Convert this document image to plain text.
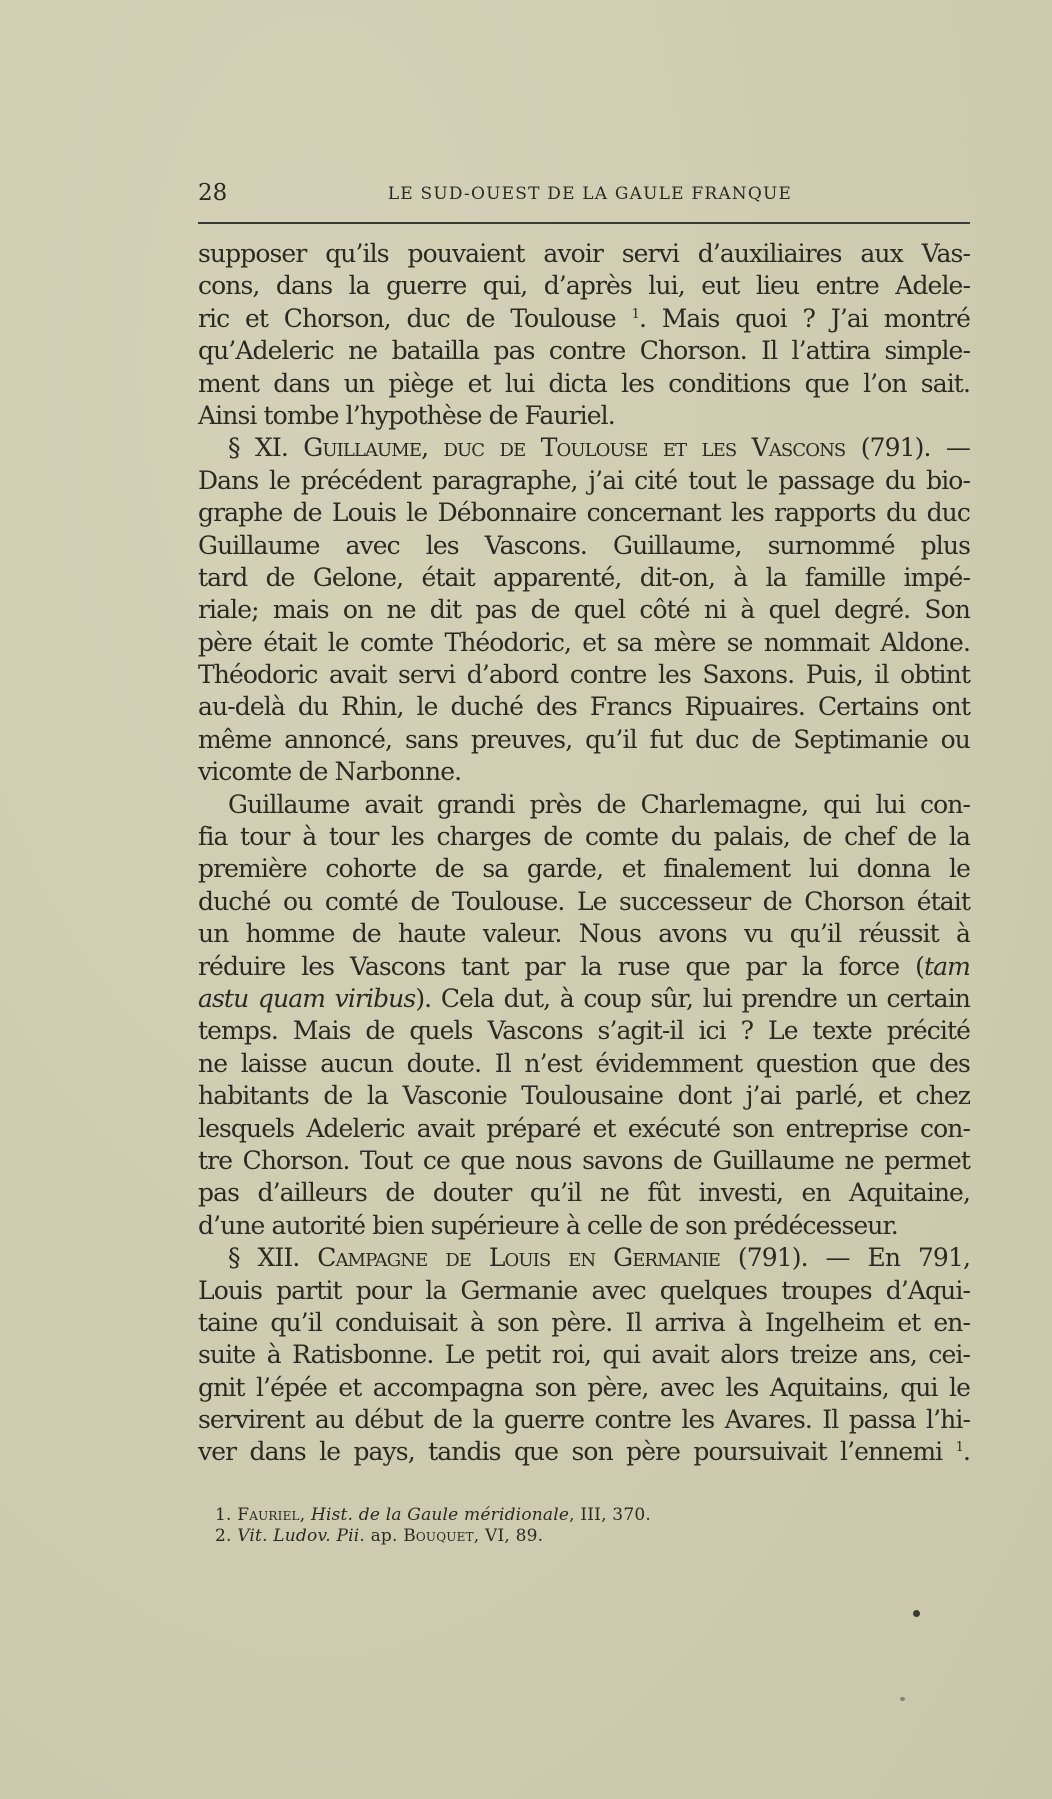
28	LE SUD-OUEST DE LA GAULE FRANQUE
supposer qu’ils pouvaient avoir servi d’auxiliaires aux Vas-
cons, dans la guerre qui, d’après lui, eut lieu entre Adele-
ric et Chorson, duc de Toulouse $^1$. Mais quoi ? J’ai montré
qu’Adeleric ne batailla pas contre Chorson. Il l’attira simple-
ment dans un piège et lui dicta les conditions que l’on sait.
Ainsi tombe l’hypothèse de Fauriel.
§ XI. Guillaume, duc de Toulouse et les Vascons (791). —
Dans le précédent paragraphe, j’ai cité tout le passage du bio-
graphe de Louis le Débonnaire concernant les rapports du duc
Guillaume avec les Vascons. Guillaume, surnommé plus
tard de Gelone, était apparenté, dit-on, à la famille impé-
riale; mais on ne dit pas de quel côté ni à quel degré. Son
père était le comte Théodoric, et sa mère se nommait Aldone.
Théodoric avait servi d’abord contre les Saxons. Puis, il obtint
au-delà du Rhin, le duché des Francs Ripuaires. Certains ont
même annoncé, sans preuves, qu’il fut duc de Septimanie ou
vicomte de Narbonne.
Guillaume avait grandi près de Charlemagne, qui lui con-
fia tour à tour les charges de comte du palais, de chef de la
première cohorte de sa garde, et finalement lui donna le
duché ou comté de Toulouse. Le successeur de Chorson était
un homme de haute valeur. Nous avons vu qu’il réussit à
réduire les Vascons tant par la ruse que par la force (tam
astu quam viribus). Cela dut, à coup sûr, lui prendre un certain
temps. Mais de quels Vascons s’agit-il ici ? Le texte précité
ne laisse aucun doute. Il n’est évidemment question que des
habitants de la Vasconie Toulousaine dont j’ai parlé, et chez
lesquels Adeleric avait préparé et exécuté son entreprise con-
tre Chorson. Tout ce que nous savons de Guillaume ne permet
pas d’ailleurs de douter qu’il ne fût investi, en Aquitaine,
d’une autorité bien supérieure à celle de son prédécesseur.
§ XII. Campagne de Louis en Germanie (791). — En 791,
Louis partit pour la Germanie avec quelques troupes d’Aqui-
taine qu’il conduisait à son père. Il arriva à Ingelheim et en-
suite à Ratisbonne. Le petit roi, qui avait alors treize ans, cei-
gnit l’épée et accompagna son père, avec les Aquitains, qui le
servirent au début de la guerre contre les Avares. Il passa l’hi-
ver dans le pays, tandis que son père poursuivait l’ennemi $^1$.
1. Fauriel, Hist. de la Gaule méridionale, III, 370.
2. Vit. Ludov. Pii. ap. Bouquet, VI, 89.
